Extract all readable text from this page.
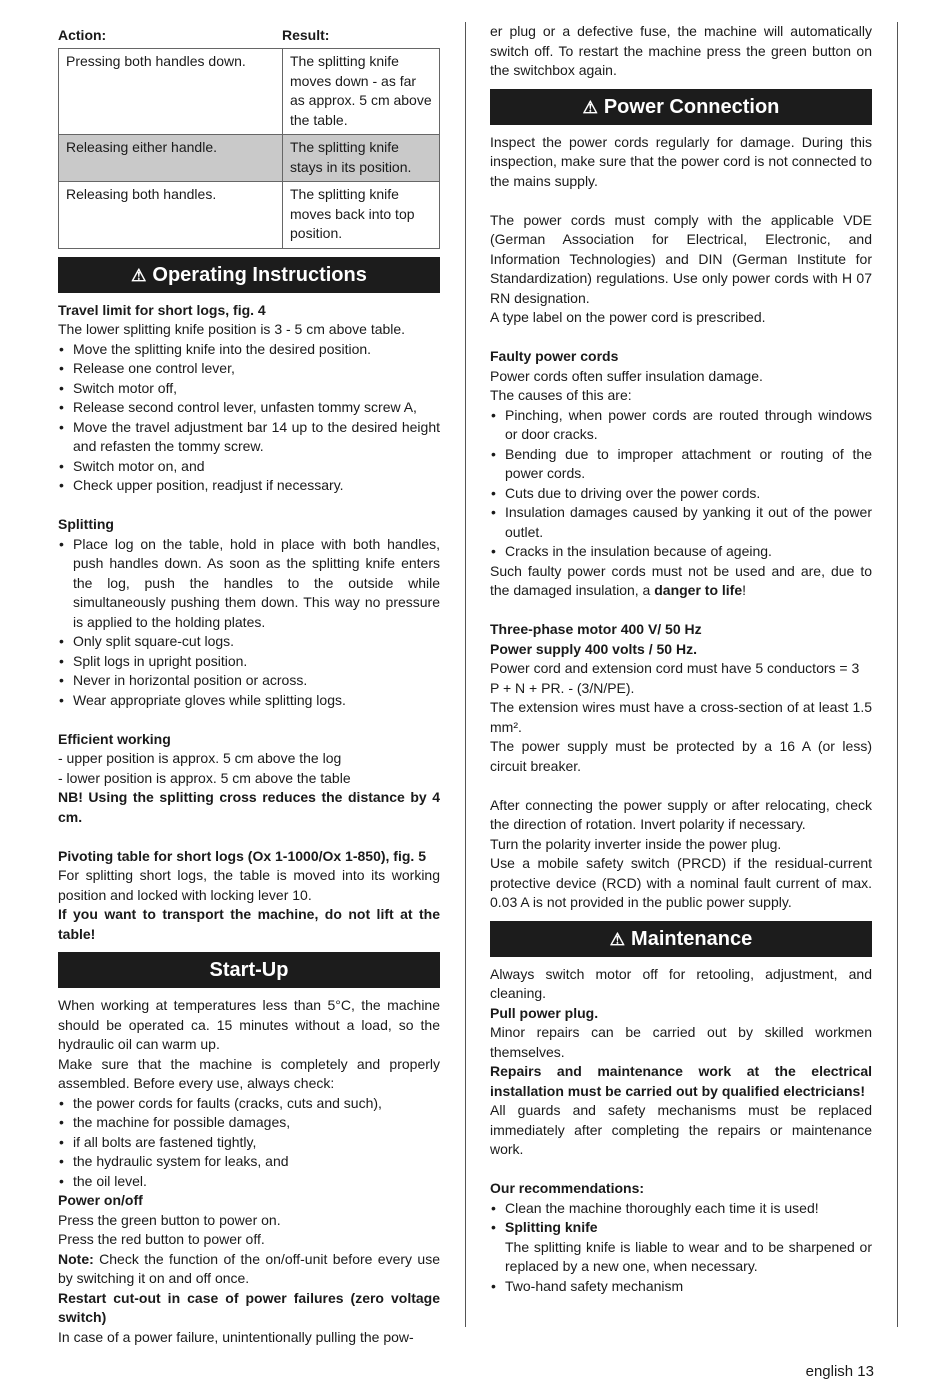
Action:	Result:
Pressing both handles down.	The splitting knife moves down - as far as approx. 5 cm above the table.
Releasing either handle.	The splitting knife stays in its position.
Releasing both handles.	The splitting knife moves back into top position.
⚠ Operating Instructions

Travel limit for short logs, fig. 4

The lower splitting knife position is 3 - 5 cm above table.

• Move the splitting knife into the desired position.
• Release one control lever,
• Switch motor off,
• Release second control lever, unfasten tommy screw A,
• Move the travel adjustment bar 14 up to the desired height and refasten the tommy screw.
• Switch motor on, and
• Check upper position, readjust if necessary.

Splitting

• Place log on the table, hold in place with both handles, push handles down. As soon as the splitting knife enters the log, push the handles to the outside while simultaneously pushing them down. This way no pressure is applied to the holding plates.
• Only split square-cut logs.
• Split logs in upright position.
• Never in horizontal position or across.
• Wear appropriate gloves while splitting logs.

Efficient working

- upper position is approx. 5 cm above the log

- lower position is approx. 5 cm above the table

NB! Using the splitting cross reduces the distance by 4 cm.

Pivoting table for short logs (Ox 1-1000/Ox 1-850), fig. 5

For splitting short logs, the table is moved into its working position and locked with locking lever 10.

If you want to transport the machine, do not lift at the table!

Start-Up

When working at temperatures less than 5°C, the machine should be operated ca. 15 minutes without a load, so the hydraulic oil can warm up.

Make sure that the machine is completely and properly assembled. Before every use, always check:

• the power cords for faults (cracks, cuts and such),
• the machine for possible damages,
• if all bolts are fastened tightly,
• the hydraulic system for leaks, and
• the oil level.

Power on/off

Press the green button to power on.

Press the red button to power off.

Note: Check the function of the on/off-unit before every use by switching it on and off once.

Restart cut-out in case of power failures (zero voltage switch)

In case of a power failure, unintentionally pulling the pow-

er plug or a defective fuse, the machine will automatically switch off. To restart the machine press the green button on the switchbox again.

⚠ Power Connection

Inspect the power cords regularly for damage. During this inspection, make sure that the power cord is not connected to the mains supply.

The power cords must comply with the applicable VDE (German Association for Electrical, Electronic, and Information Technologies) and DIN (German Institute for Standardization) regulations. Use only power cords with H 07 RN designation.

A type label on the power cord is prescribed.

Faulty power cords

Power cords often suffer insulation damage.

The causes of this are:

• Pinching, when power cords are routed through windows or door cracks.
• Bending due to improper attachment or routing of the power cords.
• Cuts due to driving over the power cords.
• Insulation damages caused by yanking it out of the power outlet.
• Cracks in the insulation because of ageing.

Such faulty power cords must not be used and are, due to the damaged insulation, a danger to life!

Three-phase motor 400 V/ 50 Hz

Power supply 400 volts / 50 Hz.

Power cord and extension cord must have 5 conductors = 3 P + N + PR. - (3/N/PE).

The extension wires must have a cross-section of at least 1.5 mm².

The power supply must be protected by a 16 A (or less) circuit breaker.

After connecting the power supply or after relocating, check the direction of rotation. Invert polarity if necessary.

Turn the polarity inverter inside the power plug.

Use a mobile safety switch (PRCD) if the residual-current protective device (RCD) with a nominal fault current of max. 0.03 A is not provided in the public power supply.

⚠ Maintenance

Always switch motor off for retooling, adjustment, and cleaning.

Pull power plug.

Minor repairs can be carried out by skilled workmen themselves.

Repairs and maintenance work at the electrical installation must be carried out by qualified electricians!

All guards and safety mechanisms must be replaced immediately after completing the repairs or maintenance work.

Our recommendations:

• Clean the machine thoroughly each time it is used!
• Splitting knife
The splitting knife is liable to wear and to be sharpened or replaced by a new one, when necessary.
• Two-hand safety mechanism
english 13
